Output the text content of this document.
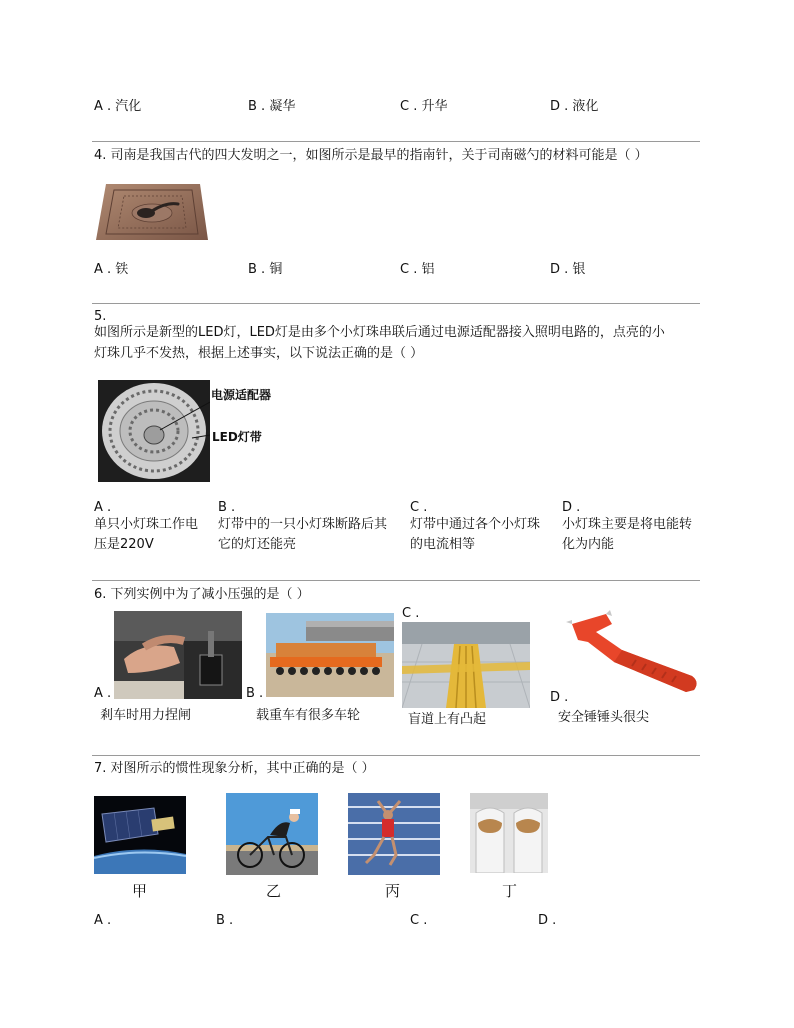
A . 汽化	B . 凝华	C . 升华	D . 液化
4. 司南是我国古代的四大发明之一，如图所示是最早的指南针，关于司南磁勺的材料可能是（ ）
A . 铁	B . 铜	C . 铝	D . 银
5.
如图所示是新型的LED灯，LED灯是由多个小灯珠串联后通过电源适配器接入照明电路的，点亮的小
灯珠几乎不发热，根据上述事实，以下说法正确的是（ ）
电源适配器
LED灯带
A .
单只小灯珠工作电
压是220V
B .
灯带中的一只小灯珠断路后其
它的灯还能亮
C .
灯带中通过各个小灯珠
的电流相等
D .
小灯珠主要是将电能转
化为内能
6. 下列实例中为了减小压强的是（ ）
A .
剎车时用力捏闸
B .
载重车有很多车轮
C .
盲道上有凸起
D .
安全锤锤头很尖
7. 对图所示的惯性现象分析，其中正确的是（ ）
甲	乙	丙	丁
A .	B .	C .	D .
